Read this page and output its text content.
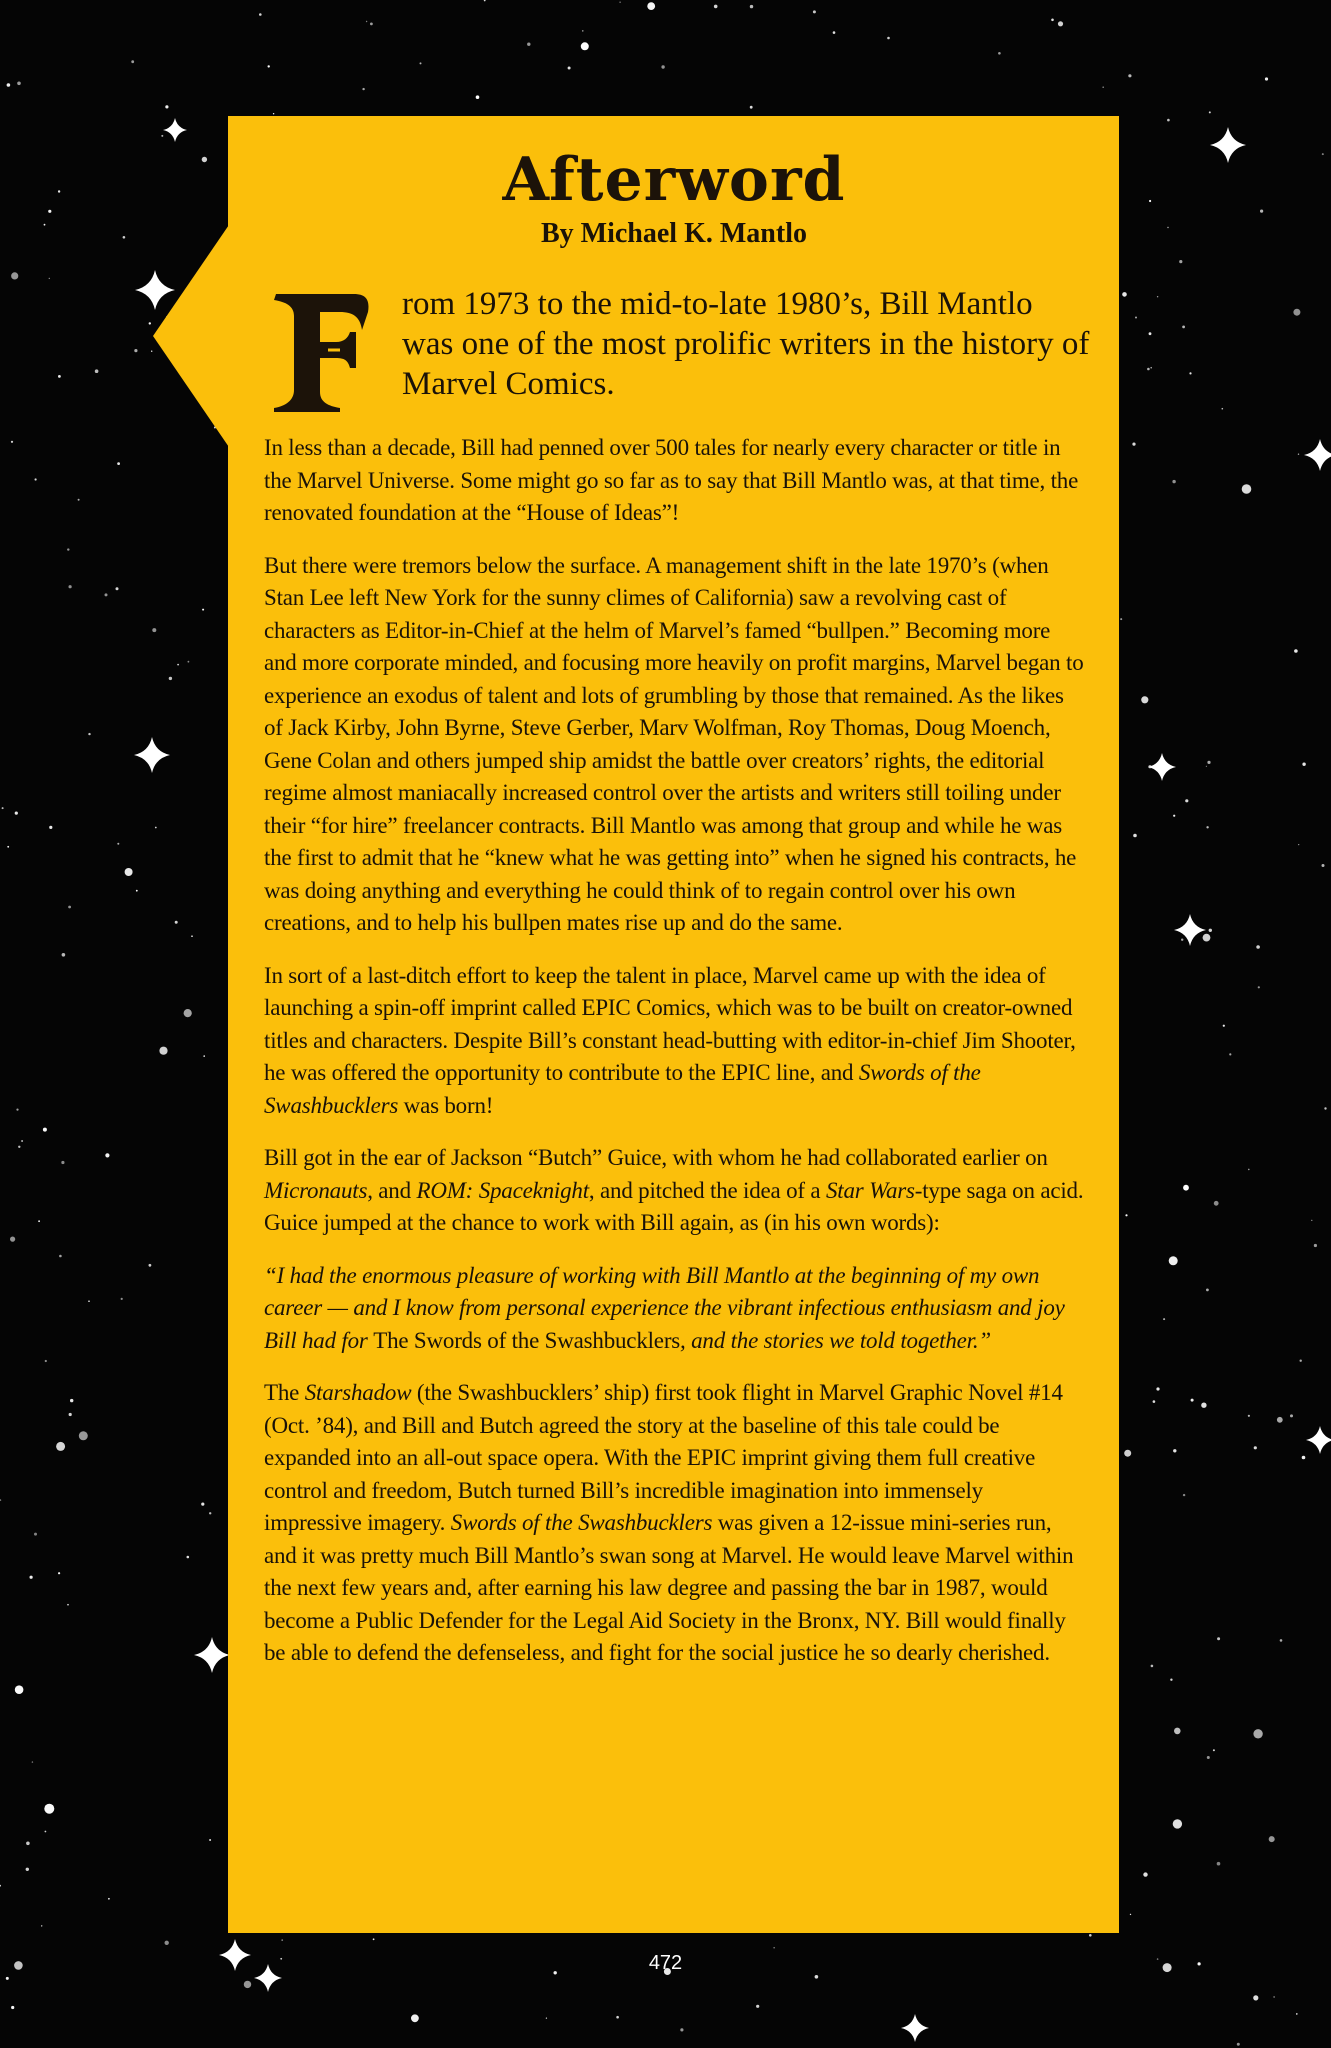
Afterword
By Michael K. Mantlo
rom 1973 to the mid-to-late 1980’s, Bill Mantlo was one of the most prolific writers in the history of Marvel Comics.

In less than a decade, Bill had penned over 500 tales for nearly every character or title in the Marvel Universe. Some might go so far as to say that Bill Mantlo was, at that time, the renovated foundation at the “House of Ideas”!

But there were tremors below the surface. A management shift in the late 1970’s (when Stan Lee left New York for the sunny climes of California) saw a revolving cast of characters as Editor-in-Chief at the helm of Marvel’s famed “bullpen.” Becoming more and more corporate minded, and focusing more heavily on profit margins, Marvel began to experience an exodus of talent and lots of grumbling by those that remained. As the likes of Jack Kirby, John Byrne, Steve Gerber, Marv Wolfman, Roy Thomas, Doug Moench, Gene Colan and others jumped ship amidst the battle over creators’ rights, the editorial regime almost maniacally increased control over the artists and writers still toiling under their “for hire” freelancer contracts. Bill Mantlo was among that group and while he was the first to admit that he “knew what he was getting into” when he signed his contracts, he was doing anything and everything he could think of to regain control over his own creations, and to help his bullpen mates rise up and do the same.

In sort of a last-ditch effort to keep the talent in place, Marvel came up with the idea of launching a spin-off imprint called EPIC Comics, which was to be built on creator-owned titles and characters. Despite Bill’s constant head-butting with editor-in-chief Jim Shooter, he was offered the opportunity to contribute to the EPIC line, and Swords of the Swashbucklers was born!

Bill got in the ear of Jackson “Butch” Guice, with whom he had collaborated earlier on Micronauts, and ROM: Spaceknight, and pitched the idea of a Star Wars-type saga on acid. Guice jumped at the chance to work with Bill again, as (in his own words):

“I had the enormous pleasure of working with Bill Mantlo at the beginning of my own career — and I know from personal experience the vibrant infectious enthusiasm and joy Bill had for The Swords of the Swashbucklers, and the stories we told together.”

The Starshadow (the Swashbucklers’ ship) first took flight in Marvel Graphic Novel #14 (Oct. ’84), and Bill and Butch agreed the story at the baseline of this tale could be expanded into an all-out space opera. With the EPIC imprint giving them full creative control and freedom, Butch turned Bill’s incredible imagination into immensely impressive imagery. Swords of the Swashbucklers was given a 12-issue mini-series run, and it was pretty much Bill Mantlo’s swan song at Marvel. He would leave Marvel within the next few years and, after earning his law degree and passing the bar in 1987, would become a Public Defender for the Legal Aid Society in the Bronx, NY. Bill would finally be able to defend the defenseless, and fight for the social justice he so dearly cherished.

472
